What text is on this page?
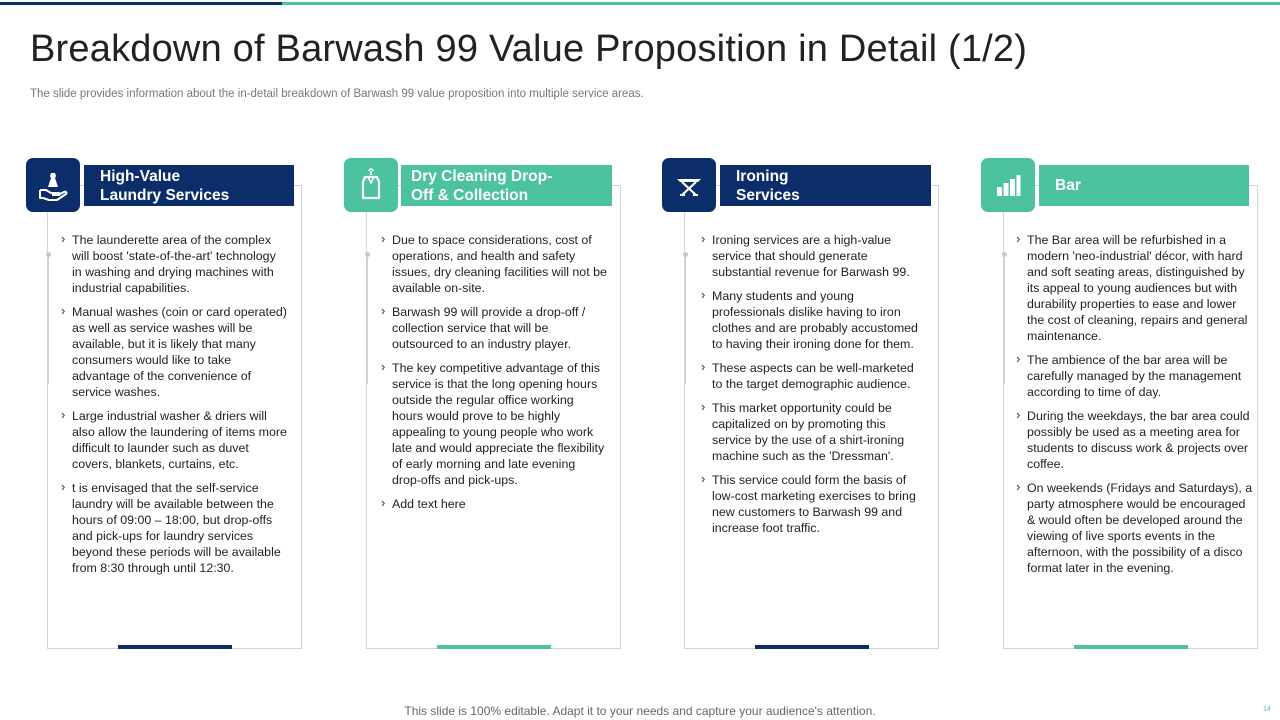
Breakdown of Barwash 99 Value Proposition in Detail (1/2)
The slide provides information about the in-detail breakdown of Barwash 99 value proposition into multiple service areas.
High-Value
Laundry Services
› The launderette area of the complex will boost 'state-of-the-art' technology in washing and drying machines with industrial capabilities.
› Manual washes (coin or card operated) as well as service washes will be available, but it is likely that many consumers would like to take advantage of the convenience of service washes.
› Large industrial washer & driers will also allow the laundering of items more difficult to launder such as duvet covers, blankets, curtains, etc.
› t is envisaged that the self-service laundry will be available between the hours of 09:00 – 18:00, but drop-offs and pick-ups for laundry services beyond these periods will be available from 8:30 through until 12:30.
Dry Cleaning Drop-
Off & Collection
› Due to space considerations, cost of operations, and health and safety issues, dry cleaning facilities will not be available on-site.
› Barwash 99 will provide a drop-off / collection service that will be outsourced to an industry player.
› The key competitive advantage of this service is that the long opening hours outside the regular office working hours would prove to be highly appealing to young people who work late and would appreciate the flexibility of early morning and late evening drop-offs and pick-ups.
› Add text here
Ironing
Services
› Ironing services are a high-value service that should generate substantial revenue for Barwash 99.
› Many students and young professionals dislike having to iron clothes and are probably accustomed to having their ironing done for them.
› These aspects can be well-marketed to the target demographic audience.
› This market opportunity could be capitalized on by promoting this service by the use of a shirt-ironing machine such as the 'Dressman'.
› This service could form the basis of low-cost marketing exercises to bring new customers to Barwash 99 and increase foot traffic.
Bar
› The Bar area will be refurbished in a modern 'neo-industrial' décor, with hard and soft seating areas, distinguished by its appeal to young audiences but with durability properties to ease and lower the cost of cleaning, repairs and general maintenance.
› The ambience of the bar area will be carefully managed by the management according to time of day.
› During the weekdays, the bar area could possibly be used as a meeting area for students to discuss work & projects over coffee.
› On weekends (Fridays and Saturdays), a party atmosphere would be encouraged & would often be developed around the viewing of live sports events in the afternoon, with the possibility of a disco format later in the evening.
This slide is 100% editable. Adapt it to your needs and capture your audience's attention.	14
